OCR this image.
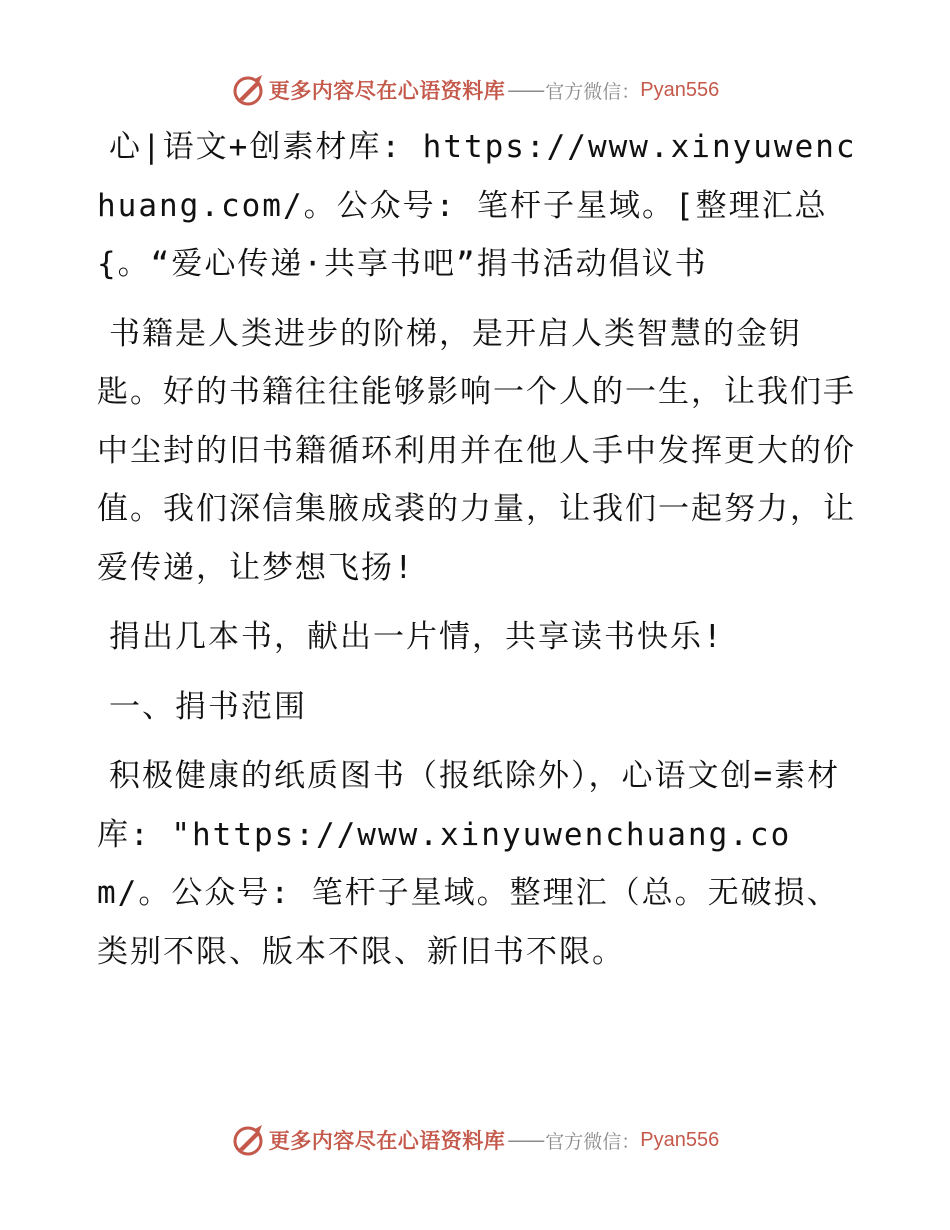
更多内容尽在心语资料库 —— 官方微信： Pyan556

心|语文+创素材库: https://www.xinyuwenchuang.com/。公众号: 笔杆子星域。[整理汇总{。“爱心传递·共享书吧”捐书活动倡议书

书籍是人类进步的阶梯，是开启人类智慧的金钥匙。好的书籍往往能够影响一个人的一生，让我们手中尘封的旧书籍循环利用并在他人手中发挥更大的价值。我们深信集腋成裘的力量，让我们一起努力，让爱传递，让梦想飞扬!

捐出几本书，献出一片情，共享读书快乐!

一、捐书范围

积极健康的纸质图书（报纸除外），心语文创=素材库: "https://www.xinyuwenchuang.com/。公众号: 笔杆子星域。整理汇（总。无破损、类别不限、版本不限、新旧书不限。

更多内容尽在心语资料库 —— 官方微信： Pyan556
